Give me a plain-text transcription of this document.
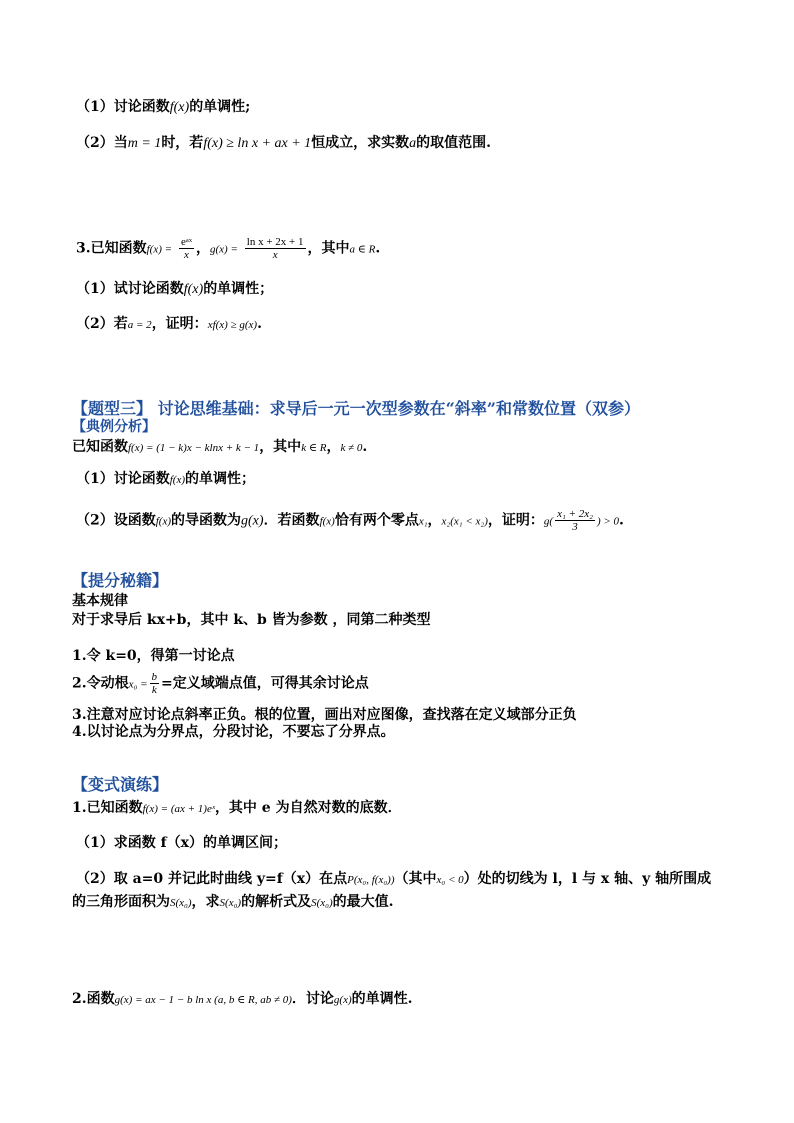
（1）讨论函数f(x)的单调性;
（2）当m = 1时，若f(x) ≥ ln x + ax + 1恒成立，求实数a的取值范围.
3.已知函数$f(x) = \frac{\text{eᵃˣ}}{x}$ ，$g(x) = \frac{\text{ln x + 2x + 1}}{x}$ ，其中a ∈ R.
（1）试讨论函数f(x)的单调性；
（2）若a = 2，证明：xf(x) ≥ g(x).
【题型三】 讨论思维基础：求导后一元一次型参数在“斜率”和常数位置（双参）
【典例分析】
已知函数f(x) = (1 − k)x − klnx + k − 1，其中k ∈ R，k ≠ 0.
（1）讨论函数f(x)的单调性；
（2）设函数f(x)的导函数为g(x)．若函数f(x)恰有两个零点x₁，x₂(x₁ < x₂)，证明：$g( \frac{\text{x₁ + 2x₂}}{3}$ ) > 0.
【提分秘籍】
基本规律
对于求导后 kx+b，其中 k、b 皆为参数 ，同第二种类型
1.令 k=0，得第一讨论点
2.令动根$x_0 = \frac{b}{k}$ =定义域端点值，可得其余讨论点
3.注意对应讨论点斜率正负。根的位置，画出对应图像，查找落在定义域部分正负
4.以讨论点为分界点，分段讨论，不要忘了分界点。
【变式演练】
1.已知函数f(x) = (ax + 1)eˣ，其中 e 为自然对数的底数．
（1）求函数 f（x）的单调区间；
（2）取 a=0 并记此时曲线 y=f（x）在点P(x₀, f(x₀))（其中x₀ < 0）处的切线为 l，l 与 x 轴、y 轴所围成
的三角形面积为S(x₀)，求S(x₀)的解析式及S(x₀)的最大值.
2.函数g(x) = ax − 1 − b ln x (a, b ∈ R, ab ≠ 0)．讨论g(x)的单调性.
